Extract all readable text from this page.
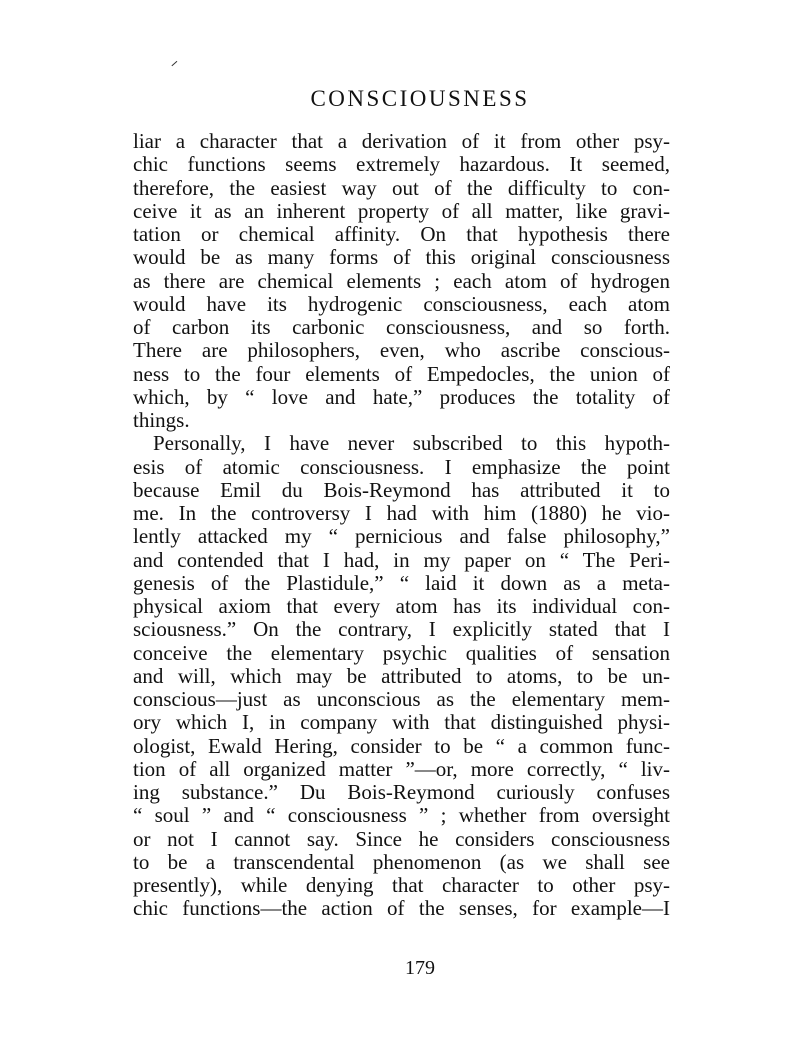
CONSCIOUSNESS
liar a character that a derivation of it from other psy-
chic functions seems extremely hazardous. It seemed,
therefore, the easiest way out of the difficulty to con-
ceive it as an inherent property of all matter, like gravi-
tation or chemical affinity. On that hypothesis there
would be as many forms of this original consciousness
as there are chemical elements ; each atom of hydrogen
would have its hydrogenic consciousness, each atom
of carbon its carbonic consciousness, and so forth.
There are philosophers, even, who ascribe conscious-
ness to the four elements of Empedocles, the union of
which, by “ love and hate,” produces the totality of
things.
Personally, I have never subscribed to this hypoth-
esis of atomic consciousness. I emphasize the point
because Emil du Bois-Reymond has attributed it to
me. In the controversy I had with him (1880) he vio-
lently attacked my “ pernicious and false philosophy,”
and contended that I had, in my paper on “ The Peri-
genesis of the Plastidule,” “ laid it down as a meta-
physical axiom that every atom has its individual con-
sciousness.” On the contrary, I explicitly stated that I
conceive the elementary psychic qualities of sensation
and will, which may be attributed to atoms, to be un-
conscious—just as unconscious as the elementary mem-
ory which I, in company with that distinguished physi-
ologist, Ewald Hering, consider to be “ a common func-
tion of all organized matter ”—or, more correctly, “ liv-
ing substance.” Du Bois-Reymond curiously confuses
“ soul ” and “ consciousness ” ; whether from oversight
or not I cannot say. Since he considers consciousness
to be a transcendental phenomenon (as we shall see
presently), while denying that character to other psy-
chic functions—the action of the senses, for example—I
179
